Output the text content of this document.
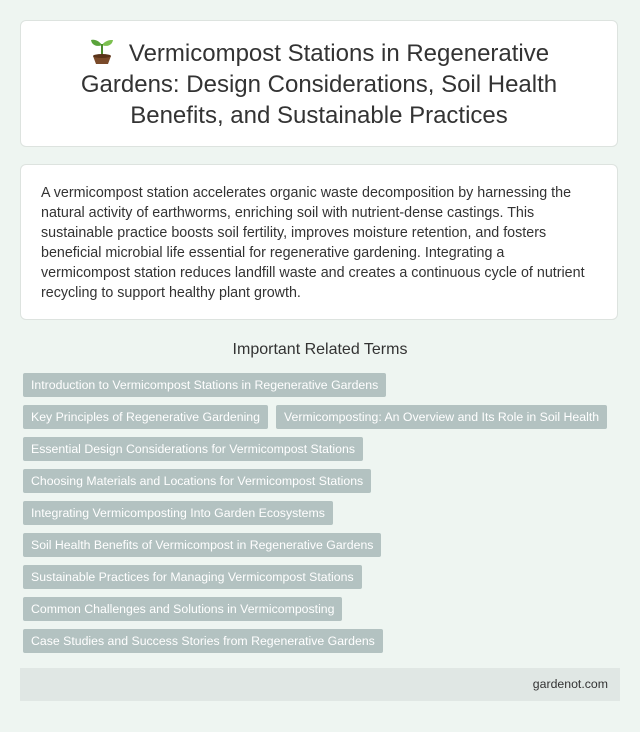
Vermicompost Stations in Regenerative Gardens: Design Considerations, Soil Health Benefits, and Sustainable Practices

A vermicompost station accelerates organic waste decomposition by harnessing the natural activity of earthworms, enriching soil with nutrient-dense castings. This sustainable practice boosts soil fertility, improves moisture retention, and fosters beneficial microbial life essential for regenerative gardening. Integrating a vermicompost station reduces landfill waste and creates a continuous cycle of nutrient recycling to support healthy plant growth.

Important Related Terms
Introduction to Vermicompost Stations in Regenerative Gardens
Key Principles of Regenerative Gardening	Vermicomposting: An Overview and Its Role in Soil Health
Essential Design Considerations for Vermicompost Stations
Choosing Materials and Locations for Vermicompost Stations
Integrating Vermicomposting Into Garden Ecosystems
Soil Health Benefits of Vermicompost in Regenerative Gardens
Sustainable Practices for Managing Vermicompost Stations
Common Challenges and Solutions in Vermicomposting
Case Studies and Success Stories from Regenerative Gardens
gardenot.com
